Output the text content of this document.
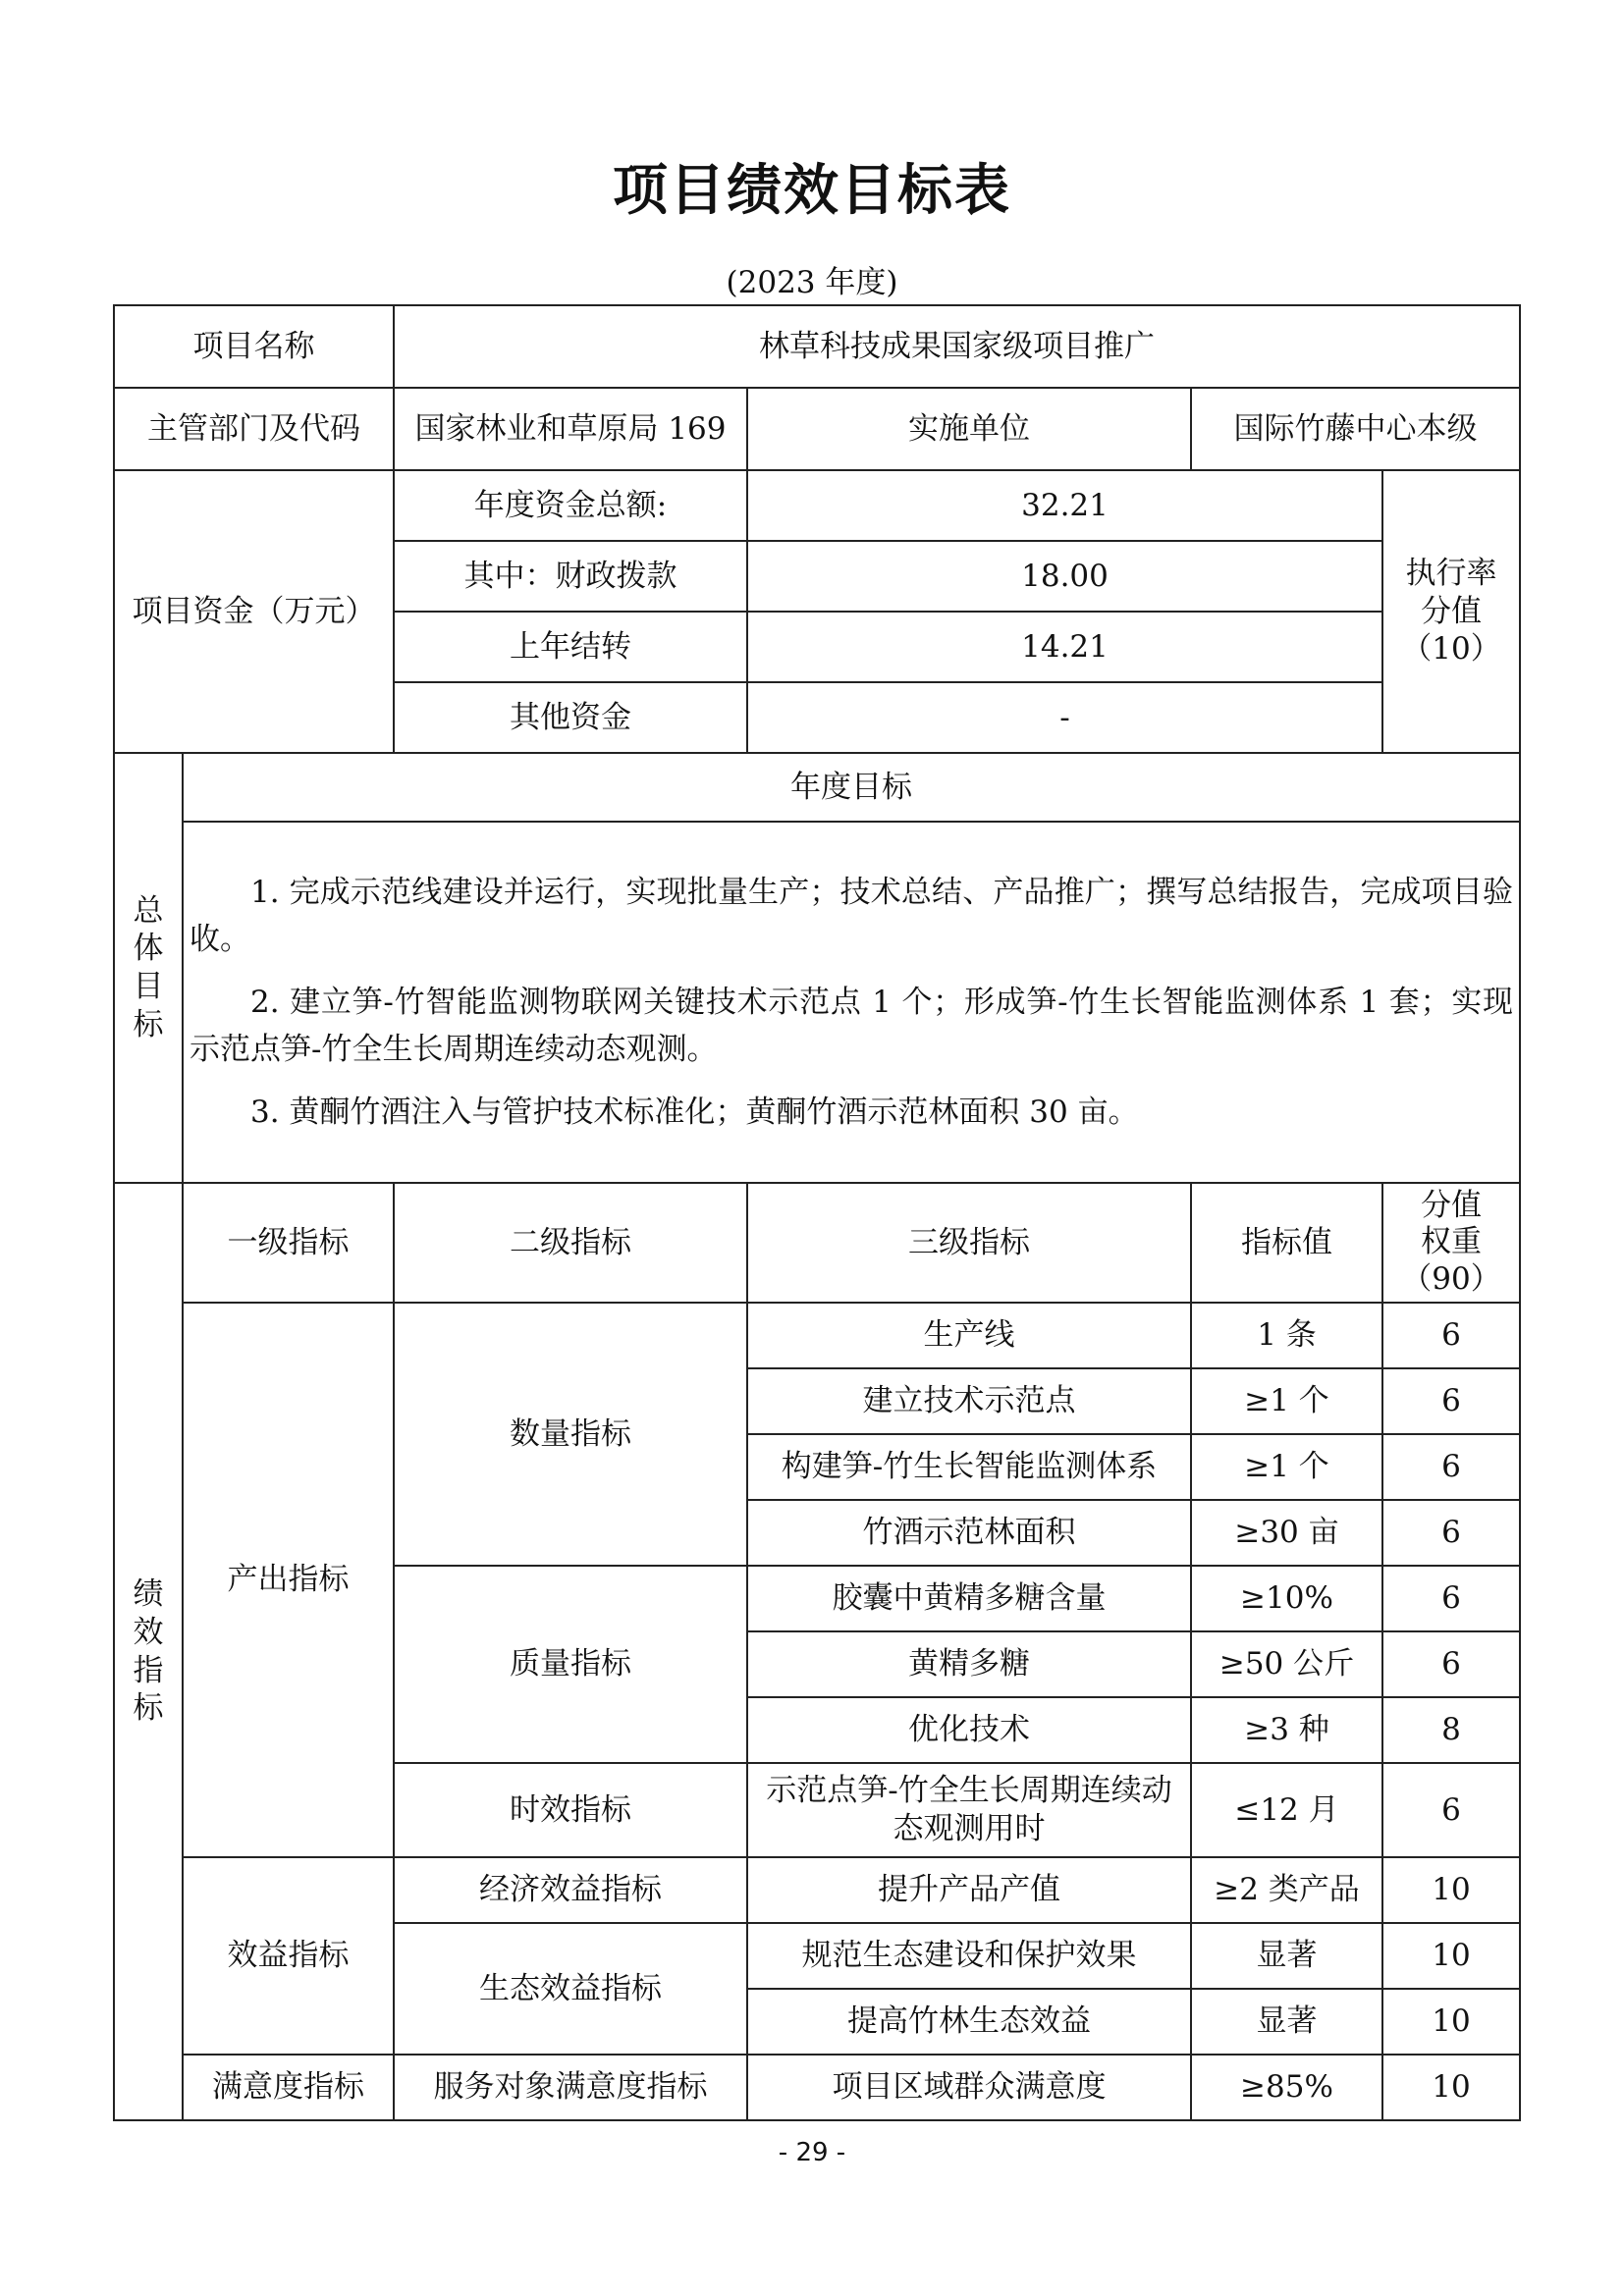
项目绩效目标表
(2023 年度)
项目名称		林草科技成果国家级项目推广			
主管部门及代码		国家林业和草原局 169	实施单位	国际竹藤中心本级	
项目资金（万元）		年度资金总额:	32.21		执行率
分值
（10）

		其中：财政拨款	18.00		
		上年结转	14.21		
		其他资金	-		

总
体
目
标	年度目标				

	1. 完成示范线建设并运行，实现批量生产；技术总结、产品推广；撰写总结报告，完成项目验收。

2. 建立笋-竹智能监测物联网关键技术示范点 1 个；形成笋-竹生长智能监测体系 1 套；实现示范点笋-竹全生长周期连续动态观测。

3. 黄酮竹酒注入与管护技术标准化；黄酮竹酒示范林面积 30 亩。				

绩
效
指
标	一级指标	二级指标	三级指标	指标值	分值
权重
（90）

	产出指标	数量指标	生产线	1 条	6
			建立技术示范点	≥1 个	6
			构建笋-竹生长智能监测体系	≥1 个	6
			竹酒示范林面积	≥30 亩	6
		质量指标	胶囊中黄精多糖含量	≥10%	6
			黄精多糖	≥50 公斤	6
			优化技术	≥3 种	8
		时效指标	示范点笋-竹全生长周期连续动态观测用时	≤12 月	6
	效益指标	经济效益指标	提升产品产值	≥2 类产品	10
		生态效益指标	规范生态建设和保护效果	显著	10
			提高竹林生态效益	显著	10
	满意度指标	服务对象满意度指标	项目区域群众满意度	≥85%	10
- 29 -
